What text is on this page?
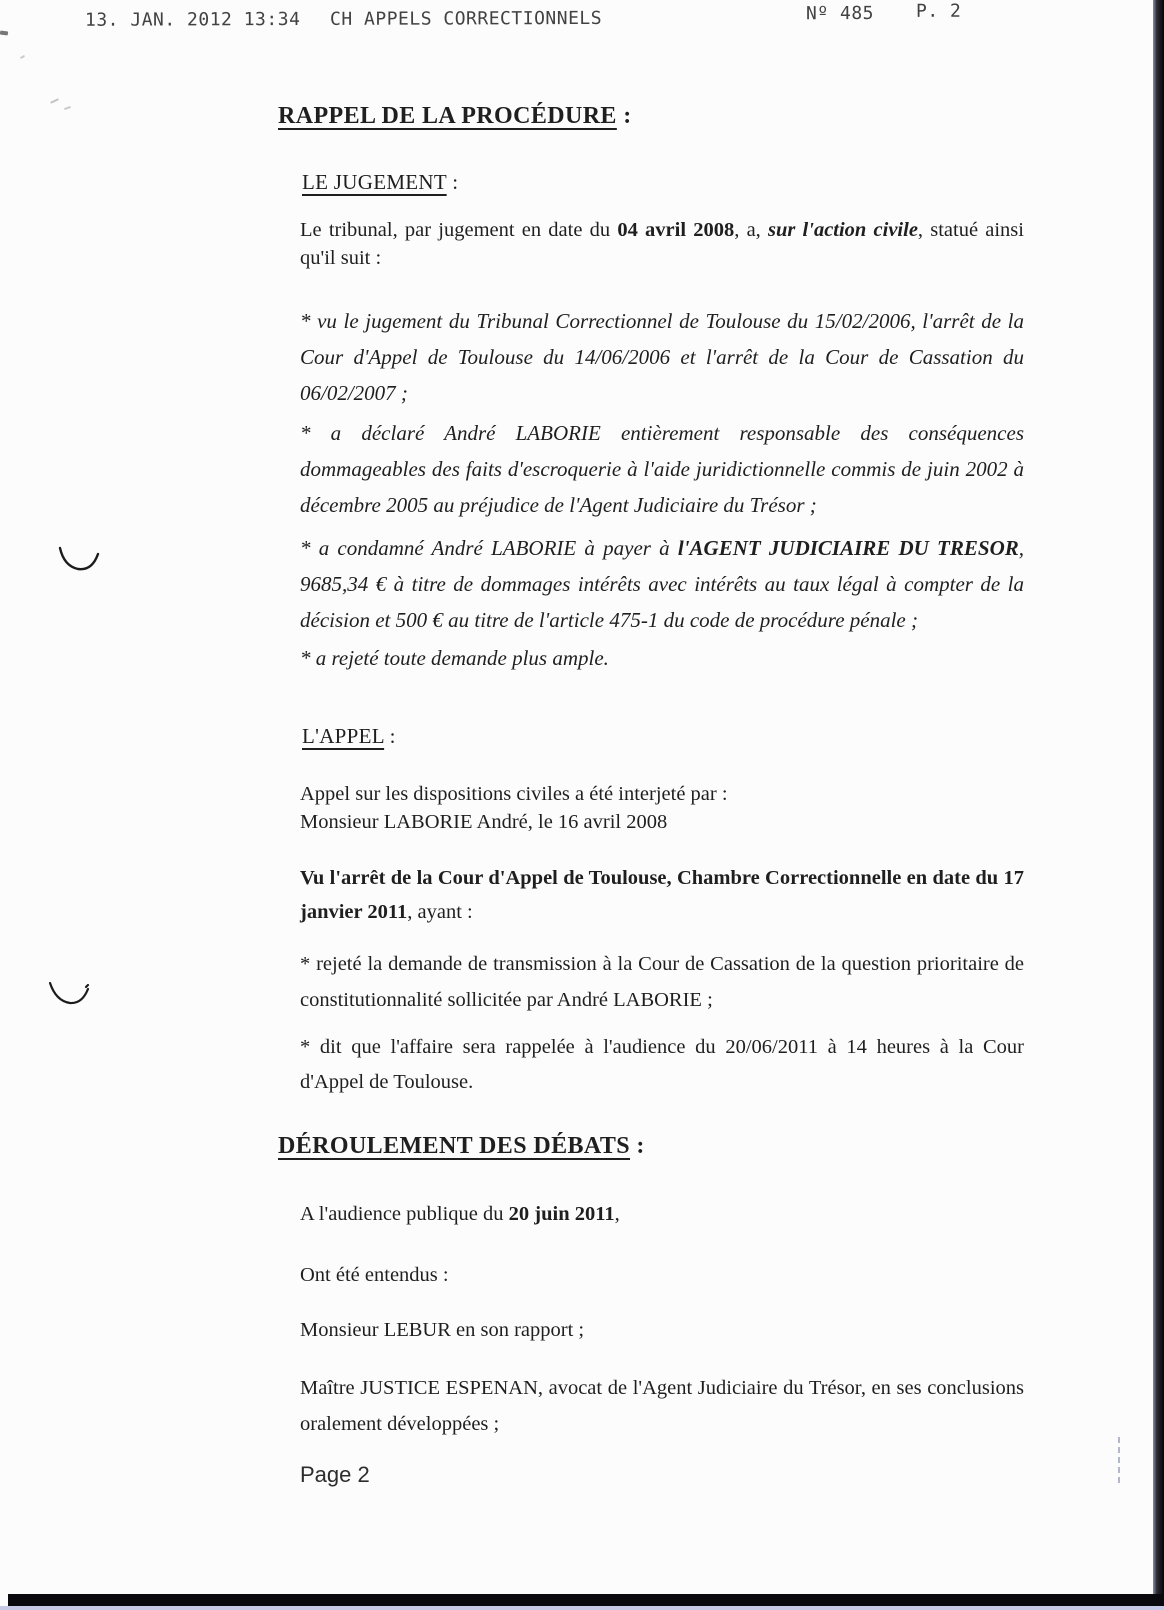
13. JAN. 2012 13:34 CH APPELS CORRECTIONNELS	Nº 485 P. 2
RAPPEL DE LA PROCÉDURE :
LE JUGEMENT :
Le tribunal, par jugement en date du 04 avril 2008, a, sur l'action civile, statué ainsi qu'il suit :
* vu le jugement du Tribunal Correctionnel de Toulouse du 15/02/2006, l'arrêt de la Cour d'Appel de Toulouse du 14/06/2006 et l'arrêt de la Cour de Cassation du 06/02/2007 ;
* a déclaré André LABORIE entièrement responsable des conséquences dommageables des faits d'escroquerie à l'aide juridictionnelle commis de juin 2002 à décembre 2005 au préjudice de l'Agent Judiciaire du Trésor ;
* a condamné André LABORIE à payer à l'AGENT JUDICIAIRE DU TRESOR, 9685,34 € à titre de dommages intérêts avec intérêts au taux légal à compter de la décision et 500 € au titre de l'article 475-1 du code de procédure pénale ;
* a rejeté toute demande plus ample.
L'APPEL :
Appel sur les dispositions civiles a été interjeté par :
Monsieur LABORIE André, le 16 avril 2008
Vu l'arrêt de la Cour d'Appel de Toulouse, Chambre Correctionnelle en date du 17 janvier 2011, ayant :
* rejeté la demande de transmission à la Cour de Cassation de la question prioritaire de constitutionnalité sollicitée par André LABORIE ;
* dit que l'affaire sera rappelée à l'audience du 20/06/2011 à 14 heures à la Cour d'Appel de Toulouse.
DÉROULEMENT DES DÉBATS :
A l'audience publique du 20 juin 2011,
Ont été entendus :
Monsieur LEBUR en son rapport ;
Maître JUSTICE ESPENAN, avocat de l'Agent Judiciaire du Trésor, en ses conclusions oralement développées ;
Page 2
